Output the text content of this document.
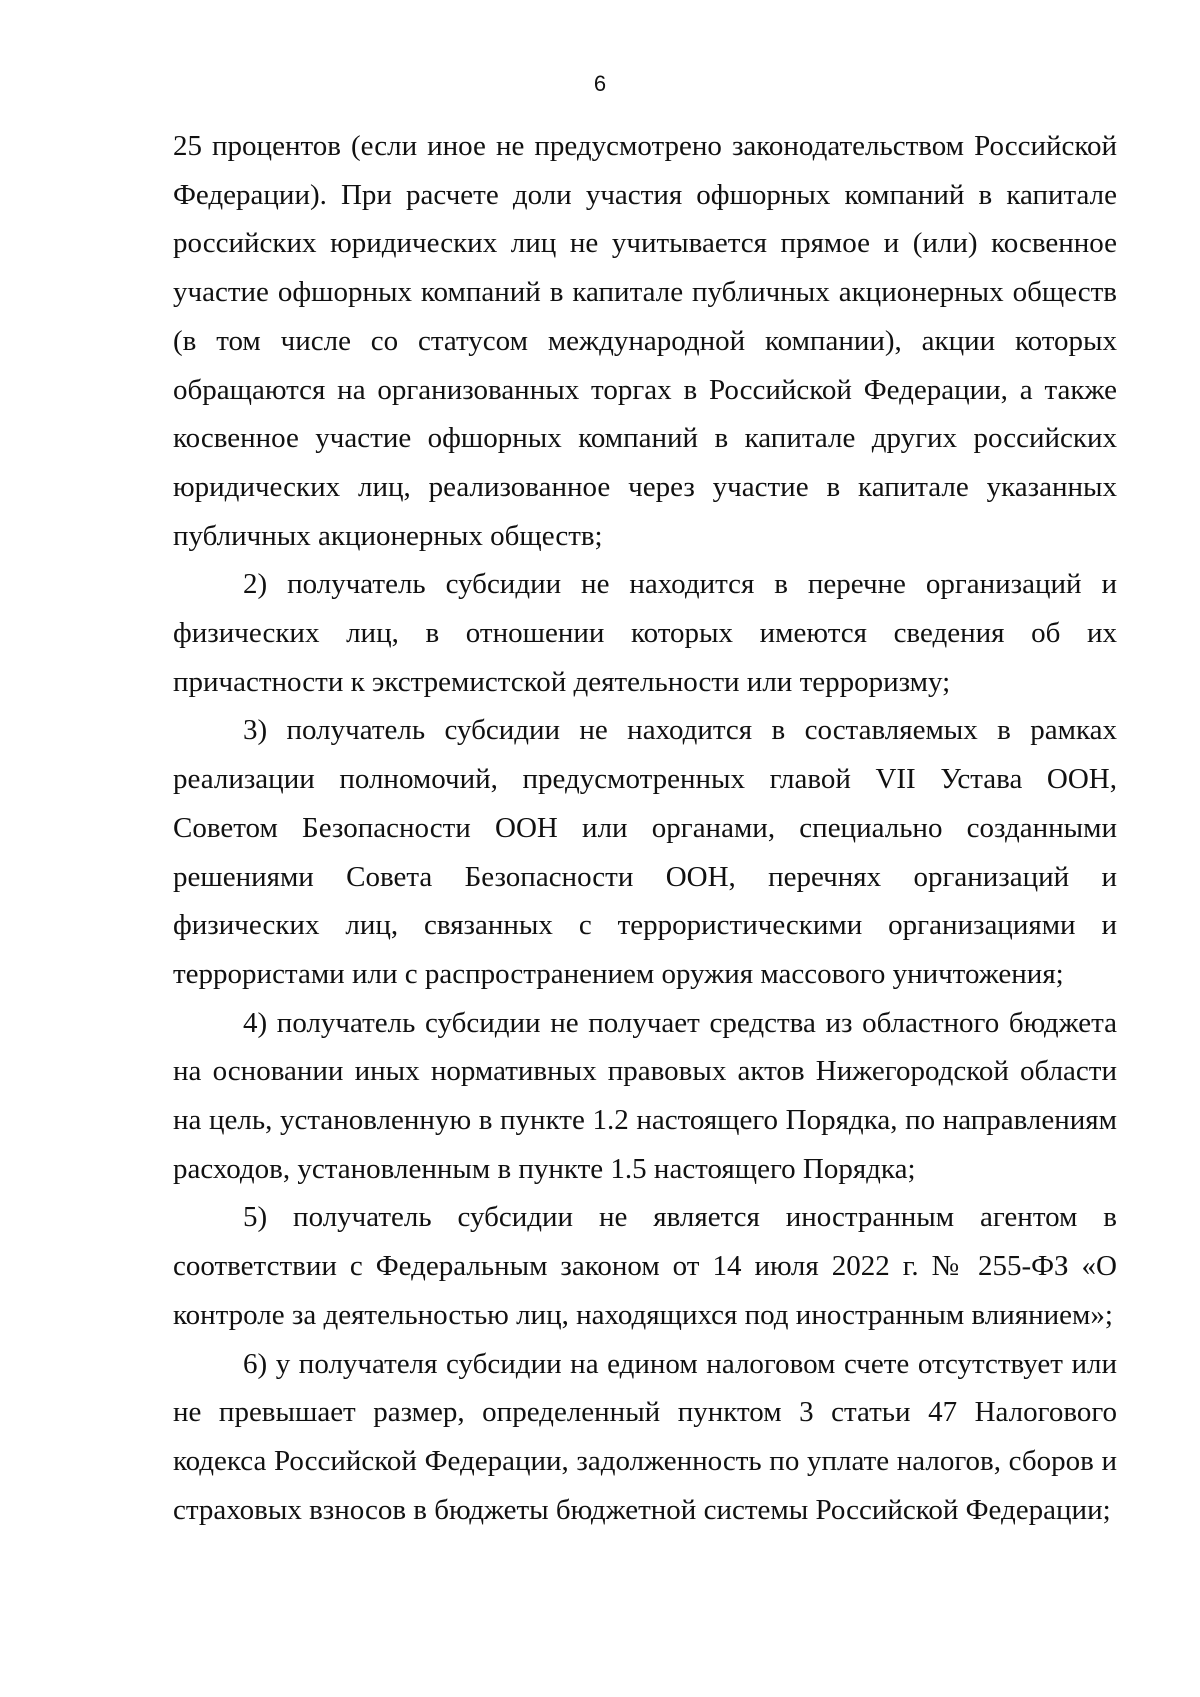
6

25 процентов (если иное не предусмотрено законодательством Российской Федерации). При расчете доли участия офшорных компаний в капитале российских юридических лиц не учитывается прямое и (или) косвенное участие офшорных компаний в капитале публичных акционерных обществ (в том числе со статусом международной компании), акции которых обращаются на организованных торгах в Российской Федерации, а также косвенное участие офшорных компаний в капитале других российских юридических лиц, реализованное через участие в капитале указанных публичных акционерных обществ;

2) получатель субсидии не находится в перечне организаций и физических лиц, в отношении которых имеются сведения об их причастности к экстремистской деятельности или терроризму;

3) получатель субсидии не находится в составляемых в рамках реализации полномочий, предусмотренных главой VII Устава ООН, Советом Безопасности ООН или органами, специально созданными решениями Совета Безопасности ООН, перечнях организаций и физических лиц, связанных с террористическими организациями и террористами или с распространением оружия массового уничтожения;

4) получатель субсидии не получает средства из областного бюджета на основании иных нормативных правовых актов Нижегородской области на цель, установленную в пункте 1.2 настоящего Порядка, по направлениям расходов, установленным в пункте 1.5 настоящего Порядка;

5) получатель субсидии не является иностранным агентом в соответствии с Федеральным законом от 14 июля 2022 г. № 255-ФЗ «О контроле за деятельностью лиц, находящихся под иностранным влиянием»;

6) у получателя субсидии на едином налоговом счете отсутствует или не превышает размер, определенный пунктом 3 статьи 47 Налогового кодекса Российской Федерации, задолженность по уплате налогов, сборов и страховых взносов в бюджеты бюджетной системы Российской Федерации;
